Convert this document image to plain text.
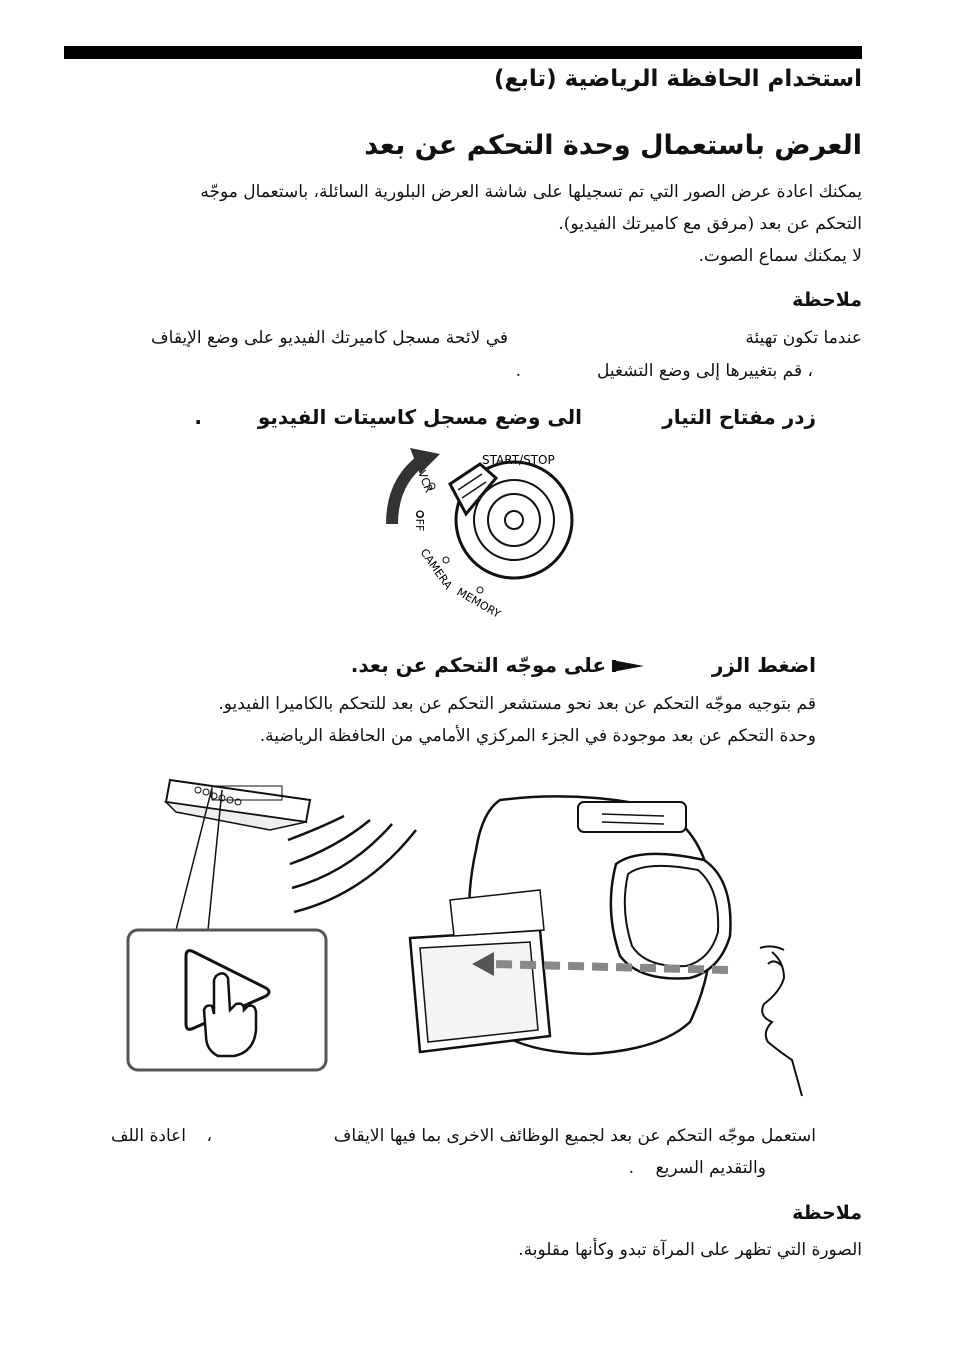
استخدام الحافظة الرياضية (تابع)
العرض باستعمال وحدة التحكم عن بعد
يمكنك اعادة عرض الصور التي تم تسجيلها على شاشة العرض البلورية السائلة، باستعمال موجّه
التحكم عن بعد (مرفق مع كاميرتك الفيديو).
لا يمكنك سماع الصوت.
ملاحظة
عندما تكون تهيئة
في لائحة مسجل كاميرتك الفيديو على وضع الإيقاف
، قم بتغييرها إلى وضع التشغيل
.
زدر مفتاح التيار
الى وضع مسجل كاسيتات الفيديو
.
START/STOP
VCR
OFF
CAMERA
MEMORY
اضغط الزر
على موجّه التحكم عن بعد.
قم بتوجيه موجّه التحكم عن بعد نحو مستشعر التحكم عن بعد للتحكم بالكاميرا الفيديو.
وحدة التحكم عن بعد موجودة في الجزء المركزي الأمامي من الحافظة الرياضية.
استعمل موجّه التحكم عن بعد لجميع الوظائف الاخرى بما فيها الايقاف
،
اعادة اللف
والتقديم السريع
.
ملاحظة
الصورة التي تظهر على المرآة تبدو وكأنها مقلوبة.
